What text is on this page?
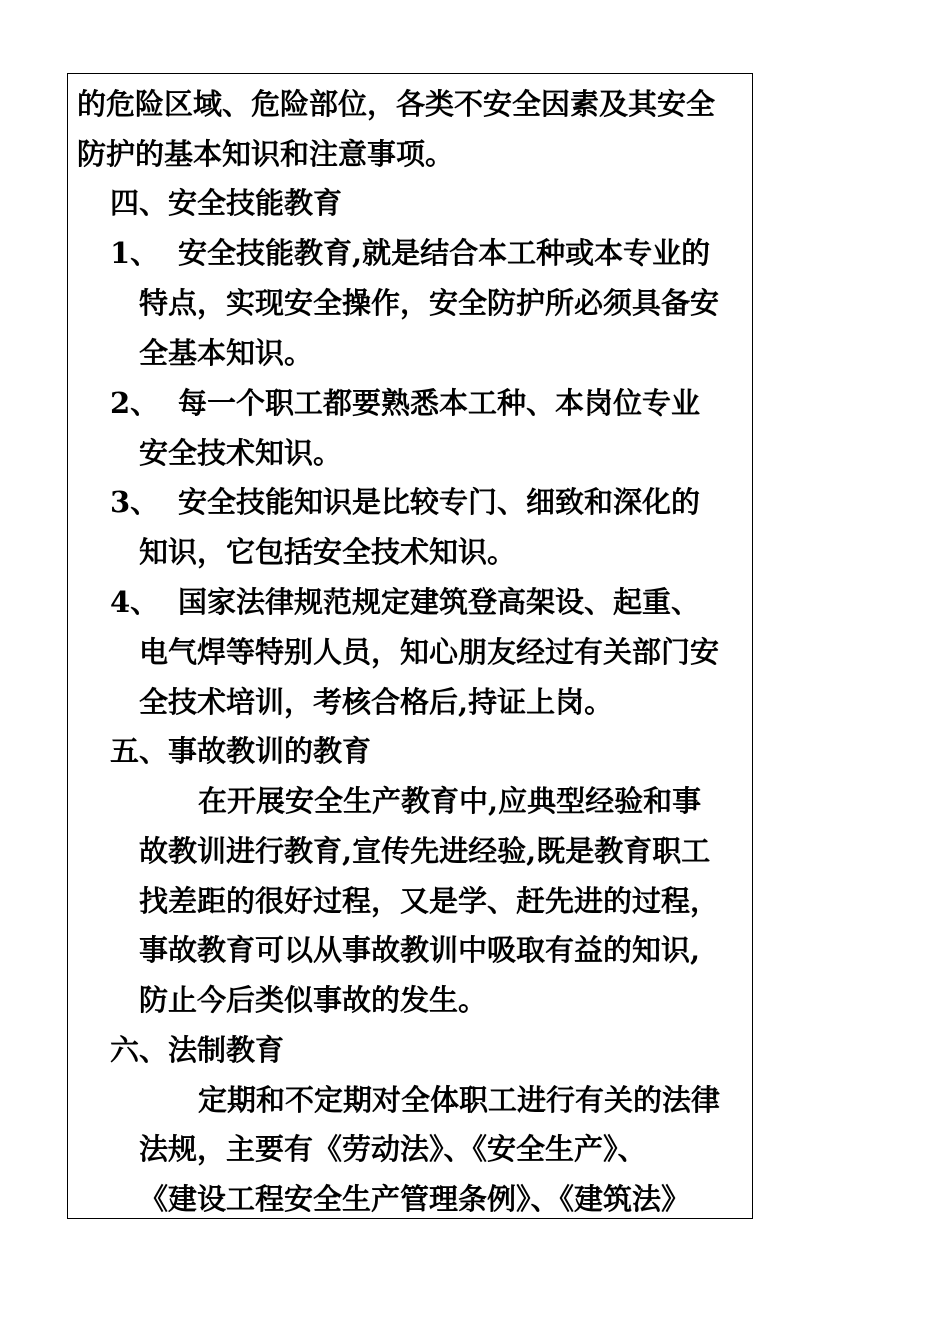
的危险区域、危险部位，各类不安全因素及其安全
防护的基本知识和注意事项。
四、安全技能教育
1、 安全技能教育,就是结合本工种或本专业的
特点，实现安全操作，安全防护所必须具备安
全基本知识。
2、 每一个职工都要熟悉本工种、本岗位专业
安全技术知识。
3、 安全技能知识是比较专门、细致和深化的
知识，它包括安全技术知识。
4、 国家法律规范规定建筑登高架设、起重、
电气焊等特别人员，知心朋友经过有关部门安
全技术培训，考核合格后,持证上岗。
五、事故教训的教育
在开展安全生产教育中,应典型经验和事
故教训进行教育,宣传先进经验,既是教育职工
找差距的很好过程，又是学、赶先进的过程，
事故教育可以从事故教训中吸取有益的知识,
防止今后类似事故的发生。
六、法制教育
定期和不定期对全体职工进行有关的法律
法规，主要有《劳动法》、《安全生产》、
《建设工程安全生产管理条例》、《建筑法》
